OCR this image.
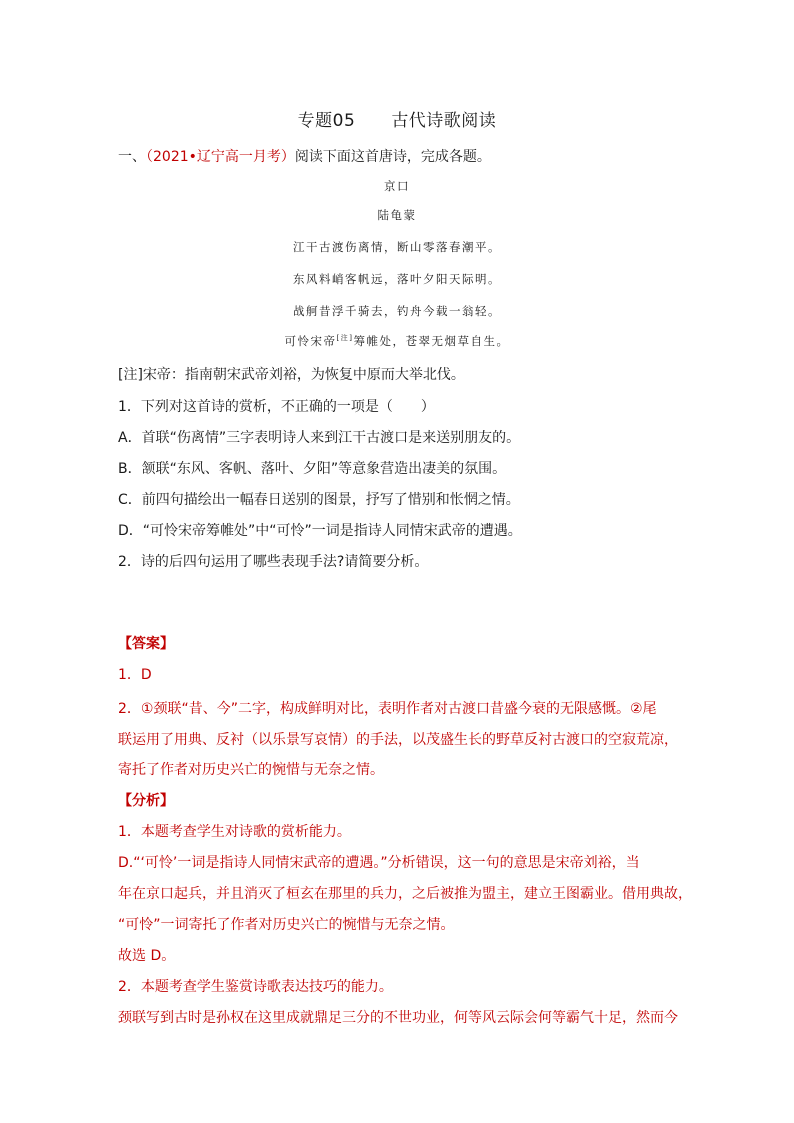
专题05 古代诗歌阅读
一、（2021•辽宁高一月考）阅读下面这首唐诗，完成各题。
京口
陆龟蒙
江干古渡伤离情，断山零落春潮平。
东风料峭客帆远，落叶夕阳天际明。
战舸昔浮千骑去，钓舟今载一翁轻。
可怜宋帝[注]筹帷处，苍翠无烟草自生。
[注]宋帝：指南朝宋武帝刘裕，为恢复中原而大举北伐。
1．下列对这首诗的赏析，不正确的一项是（　　）
A．首联“伤离情”三字表明诗人来到江干古渡口是来送别朋友的。
B．颔联“东风、客帆、落叶、夕阳”等意象营造出凄美的氛围。
C．前四句描绘出一幅春日送别的图景，抒写了惜别和怅惘之情。
D．“可怜宋帝筹帷处”中“可怜”一词是指诗人同情宋武帝的遭遇。
2．诗的后四句运用了哪些表现手法?请简要分析。
【答案】
1．D
2．①颈联“昔、今”二字，构成鲜明对比，表明作者对古渡口昔盛今衰的无限感慨。②尾
联运用了用典、反衬（以乐景写哀情）的手法，以茂盛生长的野草反衬古渡口的空寂荒凉，
寄托了作者对历史兴亡的惋惜与无奈之情。
【分析】
1．本题考查学生对诗歌的赏析能力。
D.“‘可怜’一词是指诗人同情宋武帝的遭遇。”分析错误，这一句的意思是宋帝刘裕，当
年在京口起兵，并且消灭了桓玄在那里的兵力，之后被推为盟主，建立王图霸业。借用典故，
“可怜”一词寄托了作者对历史兴亡的惋惜与无奈之情。
故选 D。
2．本题考查学生鉴赏诗歌表达技巧的能力。
颈联写到古时是孙权在这里成就鼎足三分的不世功业，何等风云际会何等霸气十足，然而今
